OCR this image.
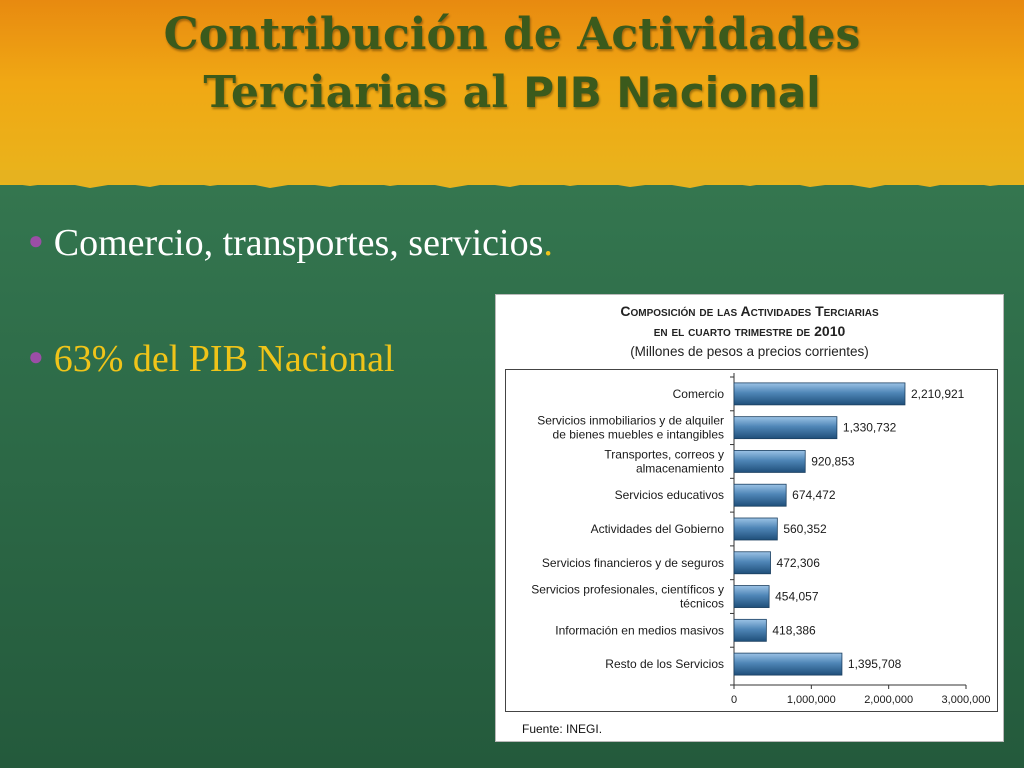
Contribución de Actividades
Terciarias al PIB Nacional
● Comercio, transportes, servicios.
● 63% del PIB Nacional
Composición de las Actividades Terciarias
en el cuarto trimestre de 2010
(Millones de pesos a precios corrientes)
2,210,921
Comercio
1,330,732
Servicios inmobiliarios y de alquiler
de bienes muebles e intangibles
920,853
Transportes, correos y
almacenamiento
674,472
Servicios educativos
560,352
Actividades del Gobierno
472,306
Servicios financieros y de seguros
454,057
Servicios profesionales, científicos y
técnicos
418,386
Información en medios masivos
1,395,708
Resto de los Servicios
0	1,000,000	2,000,000	3,000,000
Fuente: INEGI.
